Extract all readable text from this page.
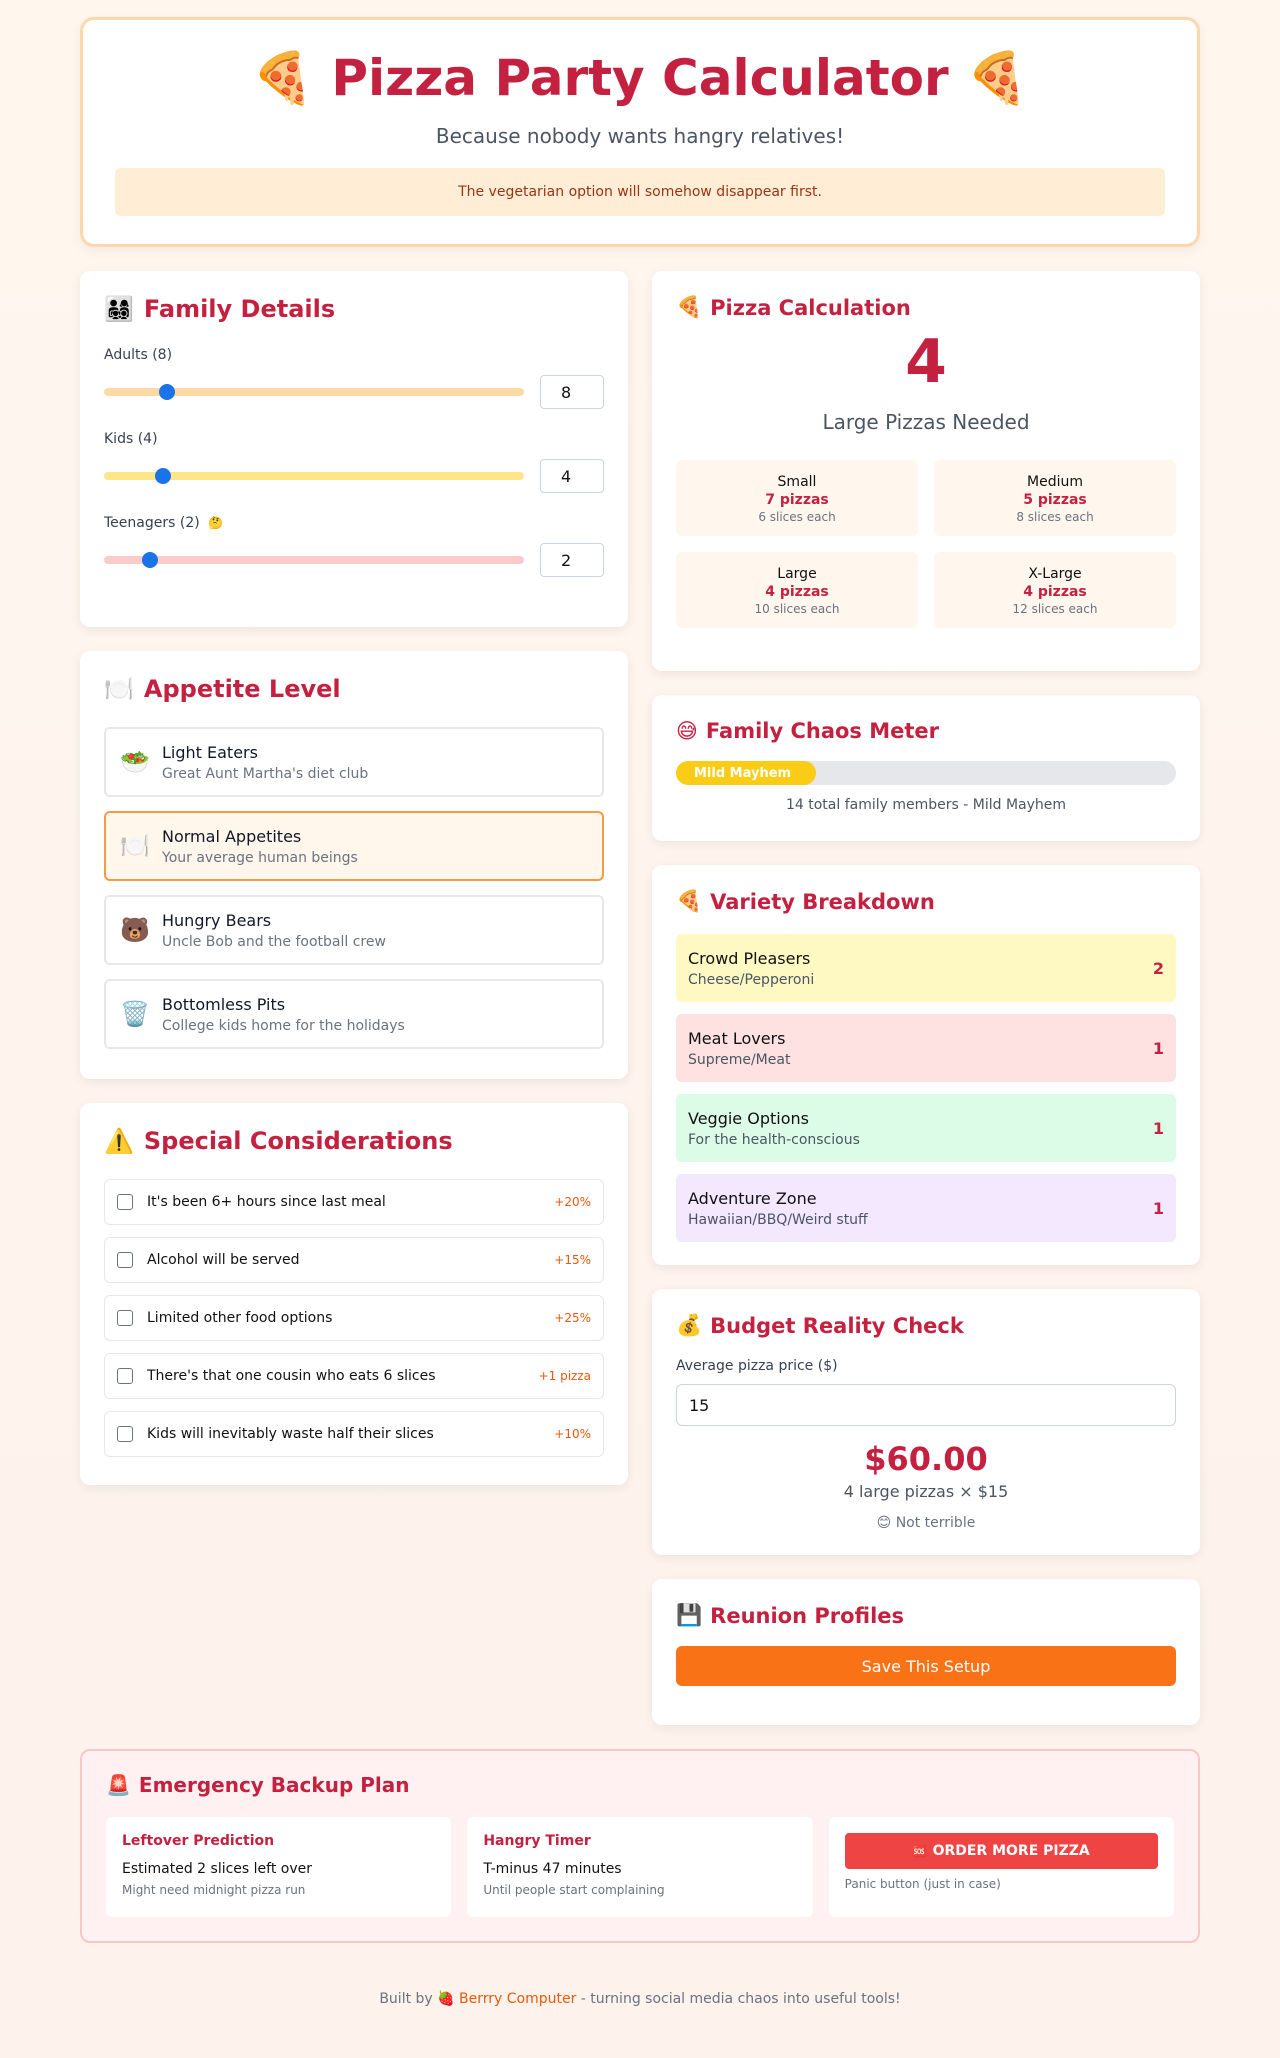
🍕 Pizza Party Calculator 🍕
Because nobody wants hangry relatives!
The vegetarian option will somehow disappear first.
👨‍👩‍👧‍👦 Family Details
Adults (8)
8
Kids (4)
4
Teenagers (2) 🤔
2
🍽️ Appetite Level
🥗 Light Eaters
Great Aunt Martha's diet club
🍽️ Normal Appetites
Your average human beings
🐻 Hungry Bears
Uncle Bob and the football crew
🗑️ Bottomless Pits
College kids home for the holidays
⚠️ Special Considerations
It's been 6+ hours since last meal	+20%
Alcohol will be served	+15%
Limited other food options	+25%
There's that one cousin who eats 6 slices	+1 pizza
Kids will inevitably waste half their slices	+10%
🍕 Pizza Calculation
4
Large Pizzas Needed
Small
7 pizzas
6 slices each
Medium
5 pizzas
8 slices each
Large
4 pizzas
10 slices each
X-Large
4 pizzas
12 slices each
😅 Family Chaos Meter
Mild Mayhem
14 total family members - Mild Mayhem
🍕 Variety Breakdown
Crowd Pleasers
Cheese/Pepperoni
2
Meat Lovers
Supreme/Meat
1
Veggie Options
For the health-conscious
1
Adventure Zone
Hawaiian/BBQ/Weird stuff
1
💰 Budget Reality Check
Average pizza price ($)
15
$60.00
4 large pizzas × $15
😊 Not terrible
💾 Reunion Profiles
Save This Setup
🚨 Emergency Backup Plan
Leftover Prediction
Estimated 2 slices left over
Might need midnight pizza run
Hangry Timer
T-minus 47 minutes
Until people start complaining
🆘 ORDER MORE PIZZA
Panic button (just in case)
Built by 🍓 Berrry Computer - turning social media chaos into useful tools!
